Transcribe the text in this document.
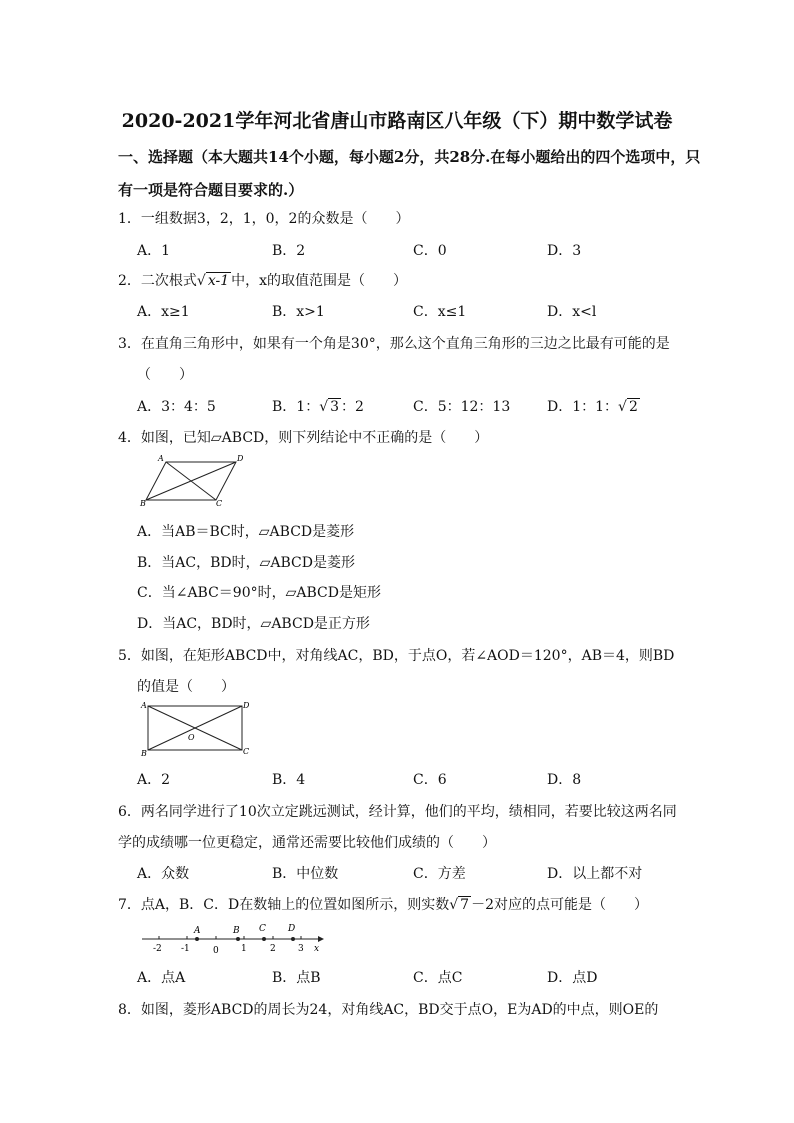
2020-2021学年河北省唐山市路南区八年级（下）期中数学试卷
一、选择题（本大题共14个小题，每小题2分，共28分.在每小题给出的四个选项中，只
有一项是符合题目要求的.）
1．一组数据3，2，1，0，2的众数是（　　）
A．1	B．2	C．0	D．3
2．二次根式√ x-1 中，x的取值范围是（　　）
A．x≥1	B．x>1	C．x≤1	D．x<l
3．在直角三角形中，如果有一个角是30°，那么这个直角三角形的三边之比最有可能的是
（　　）
A．3：4：5	B．1：√ 3 ：2	C．5：12：13	D．1：1：√ 2
4．如图，已知▱ABCD，则下列结论中不正确的是（　　）
A	D
B	C
A．当AB＝BC时，▱ABCD是菱形
B．当AC，BD时，▱ABCD是菱形
C．当∠ABC＝90°时，▱ABCD是矩形
D．当AC，BD时，▱ABCD是正方形
5．如图，在矩形ABCD中，对角线AC，BD，于点O，若∠AOD＝120°，AB＝4，则BD
的值是（　　）
A	D
B	C
O
A．2	B．4	C．6	D．8
6．两名同学进行了10次立定跳远测试，经计算，他们的平均，绩相同，若要比较这两名同
学的成绩哪一位更稳定，通常还需要比较他们成绩的（　　）
A．众数	B．中位数	C．方差	D．以上都不对
7．点A，B．C．D在数轴上的位置如图所示，则实数√ 7 －2对应的点可能是（　　）
-2 -1	0 1	2 3
A	B C D
x
A．点A	B．点B	C．点C	D．点D
8．如图，菱形ABCD的周长为24，对角线AC，BD交于点O，E为AD的中点，则OE的
